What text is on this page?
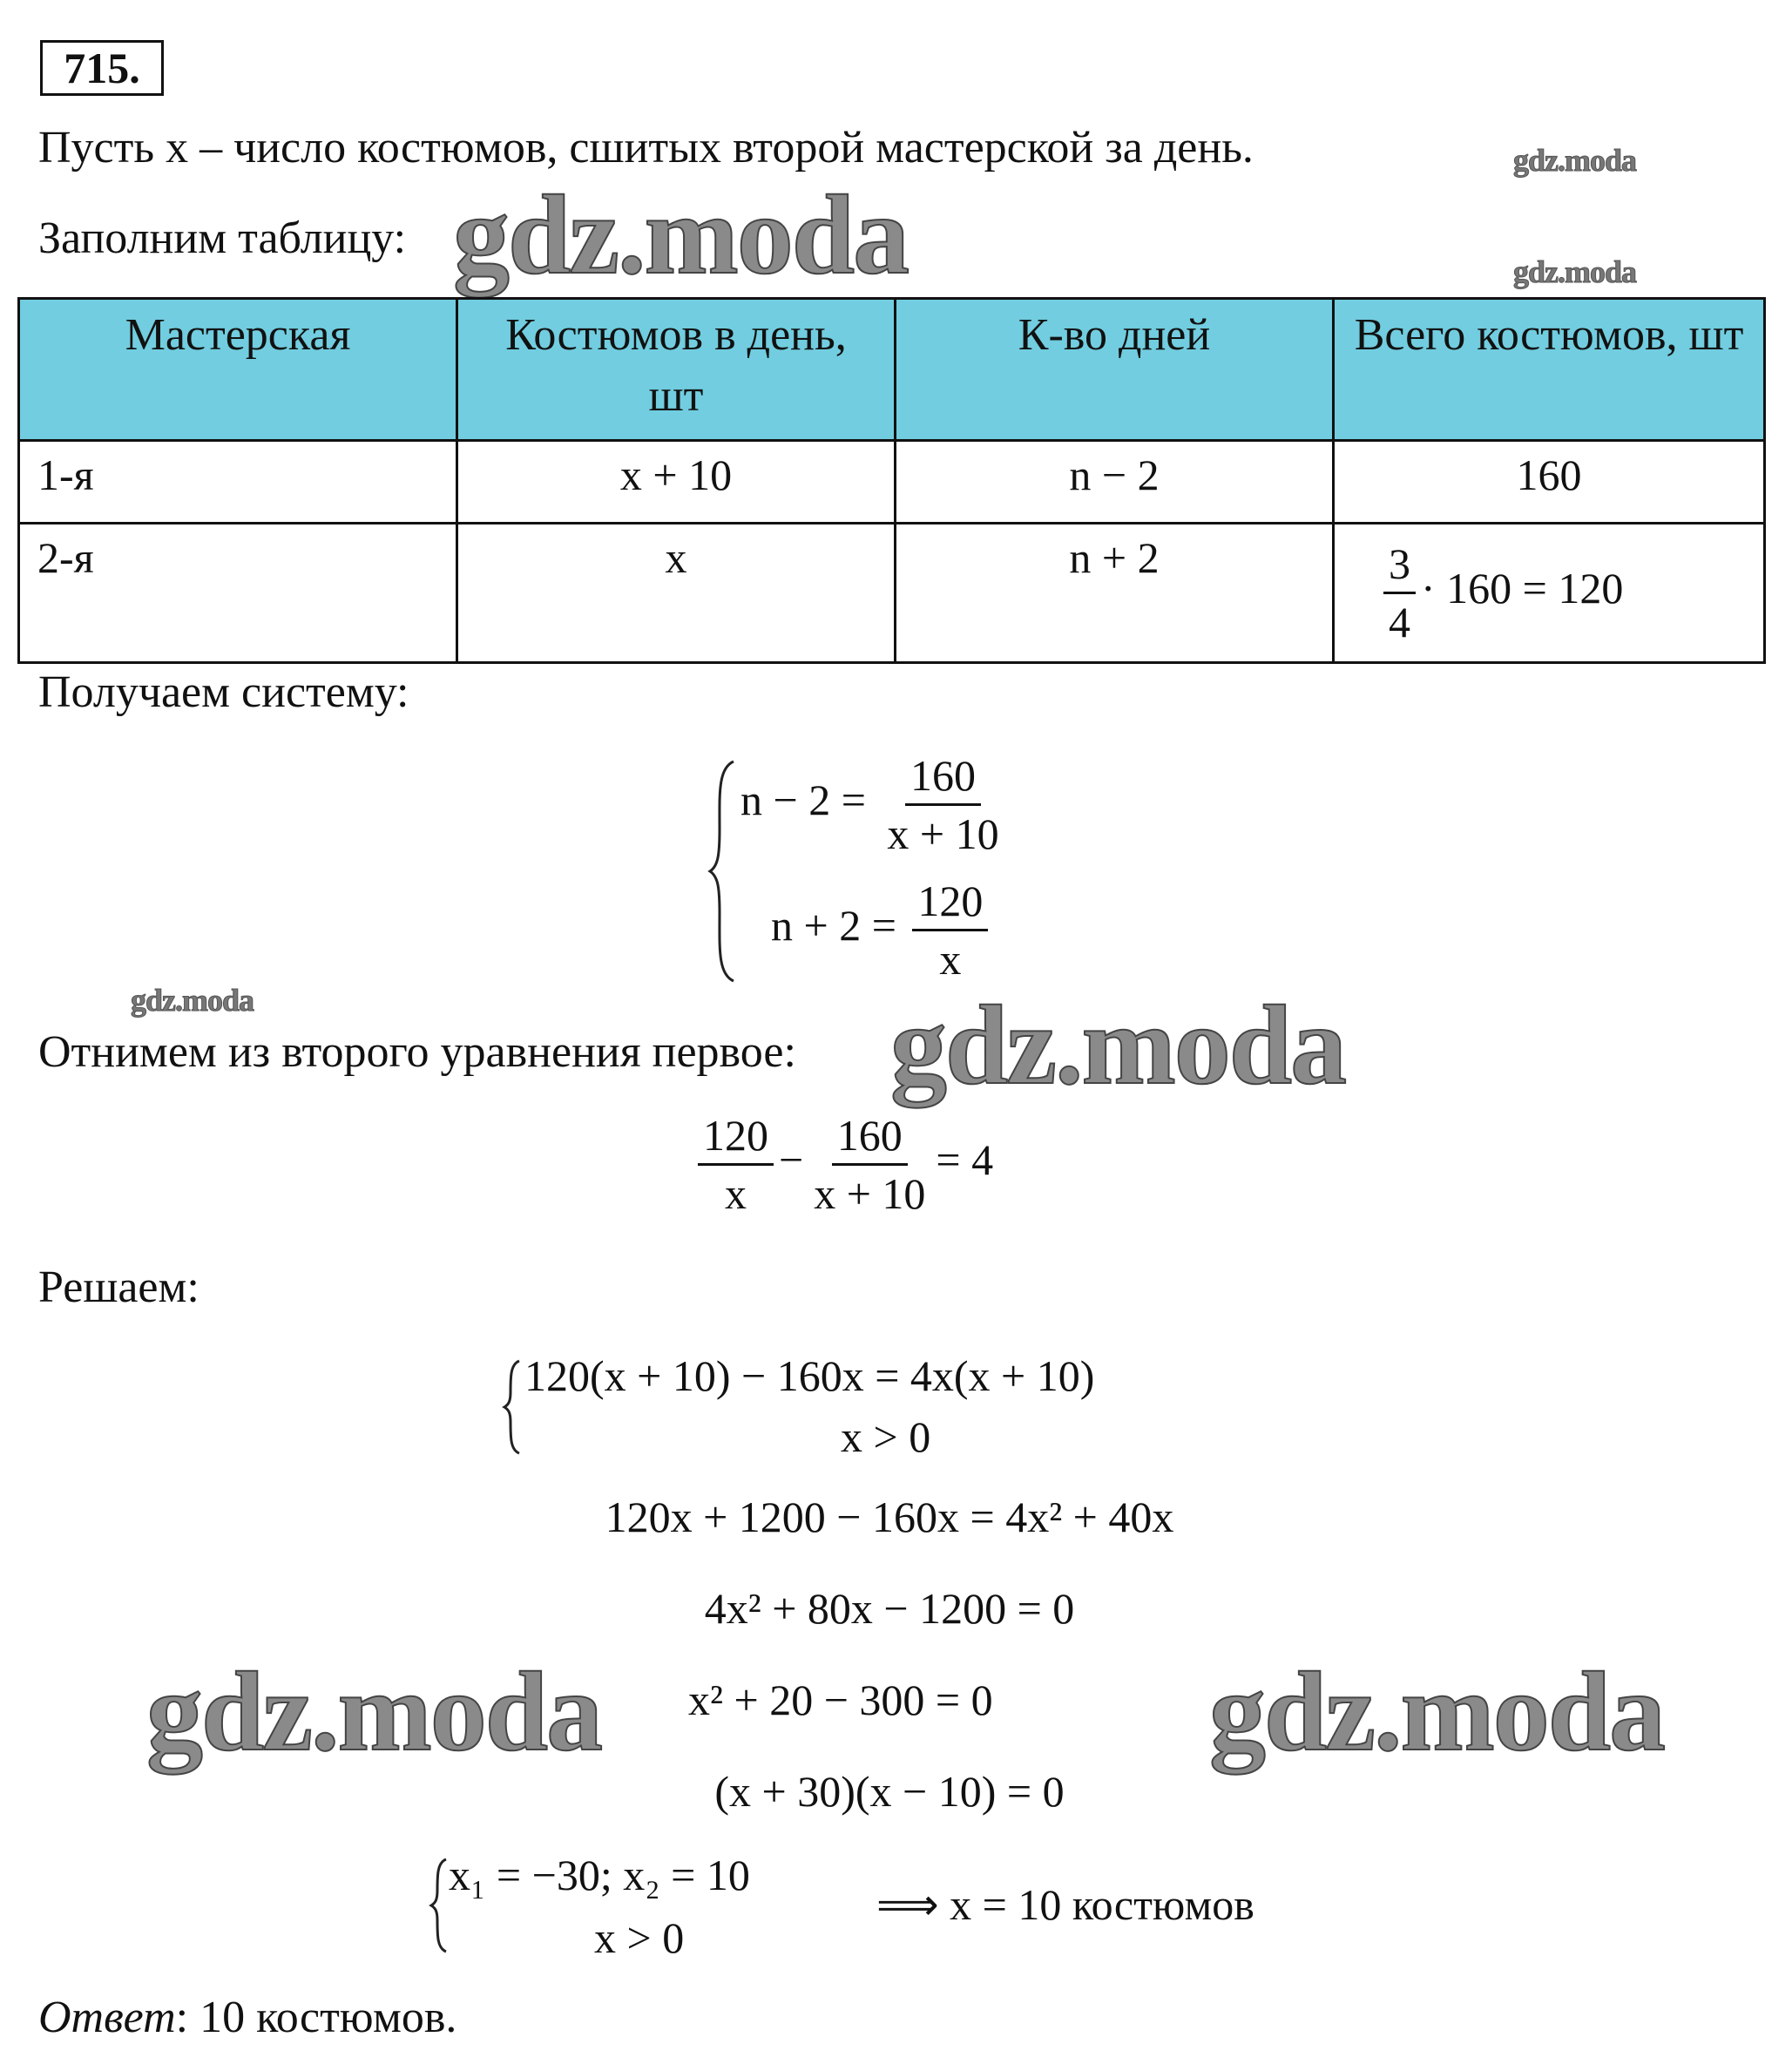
715.
Пусть x – число костюмов, сшитых второй мастерской за день.	gdz.moda
Заполним таблицу: gdz.moda	gdz.moda
Мастерская	Костюмов в день, шт	К-во дней	Всего костюмов, шт
1-я	x + 10	n − 2	160
2-я	x	n + 2	$\frac{3}{4} \cdot 160 = 120$
Получаем систему:
$n - 2 = \frac{160}{x + 10}$
$n + 2 = \frac{120}{x}$
gdz.moda
Отнимем из второго уравнения первое: gdz.moda
$\frac{120}{x} - \frac{160}{x + 10} = 4$
Решаем:
120(x + 10) − 160x = 4x(x + 10)
x > 0
120x + 1200 − 160x = 4x² + 40x
4x² + 80x − 1200 = 0
gdz.moda x² + 20 − 300 = 0 gdz.moda
(x + 30)(x − 10) = 0
x₁ = −30; x₂ = 10
x > 0
⟹ x = 10 костюмов
Ответ: 10 костюмов.
